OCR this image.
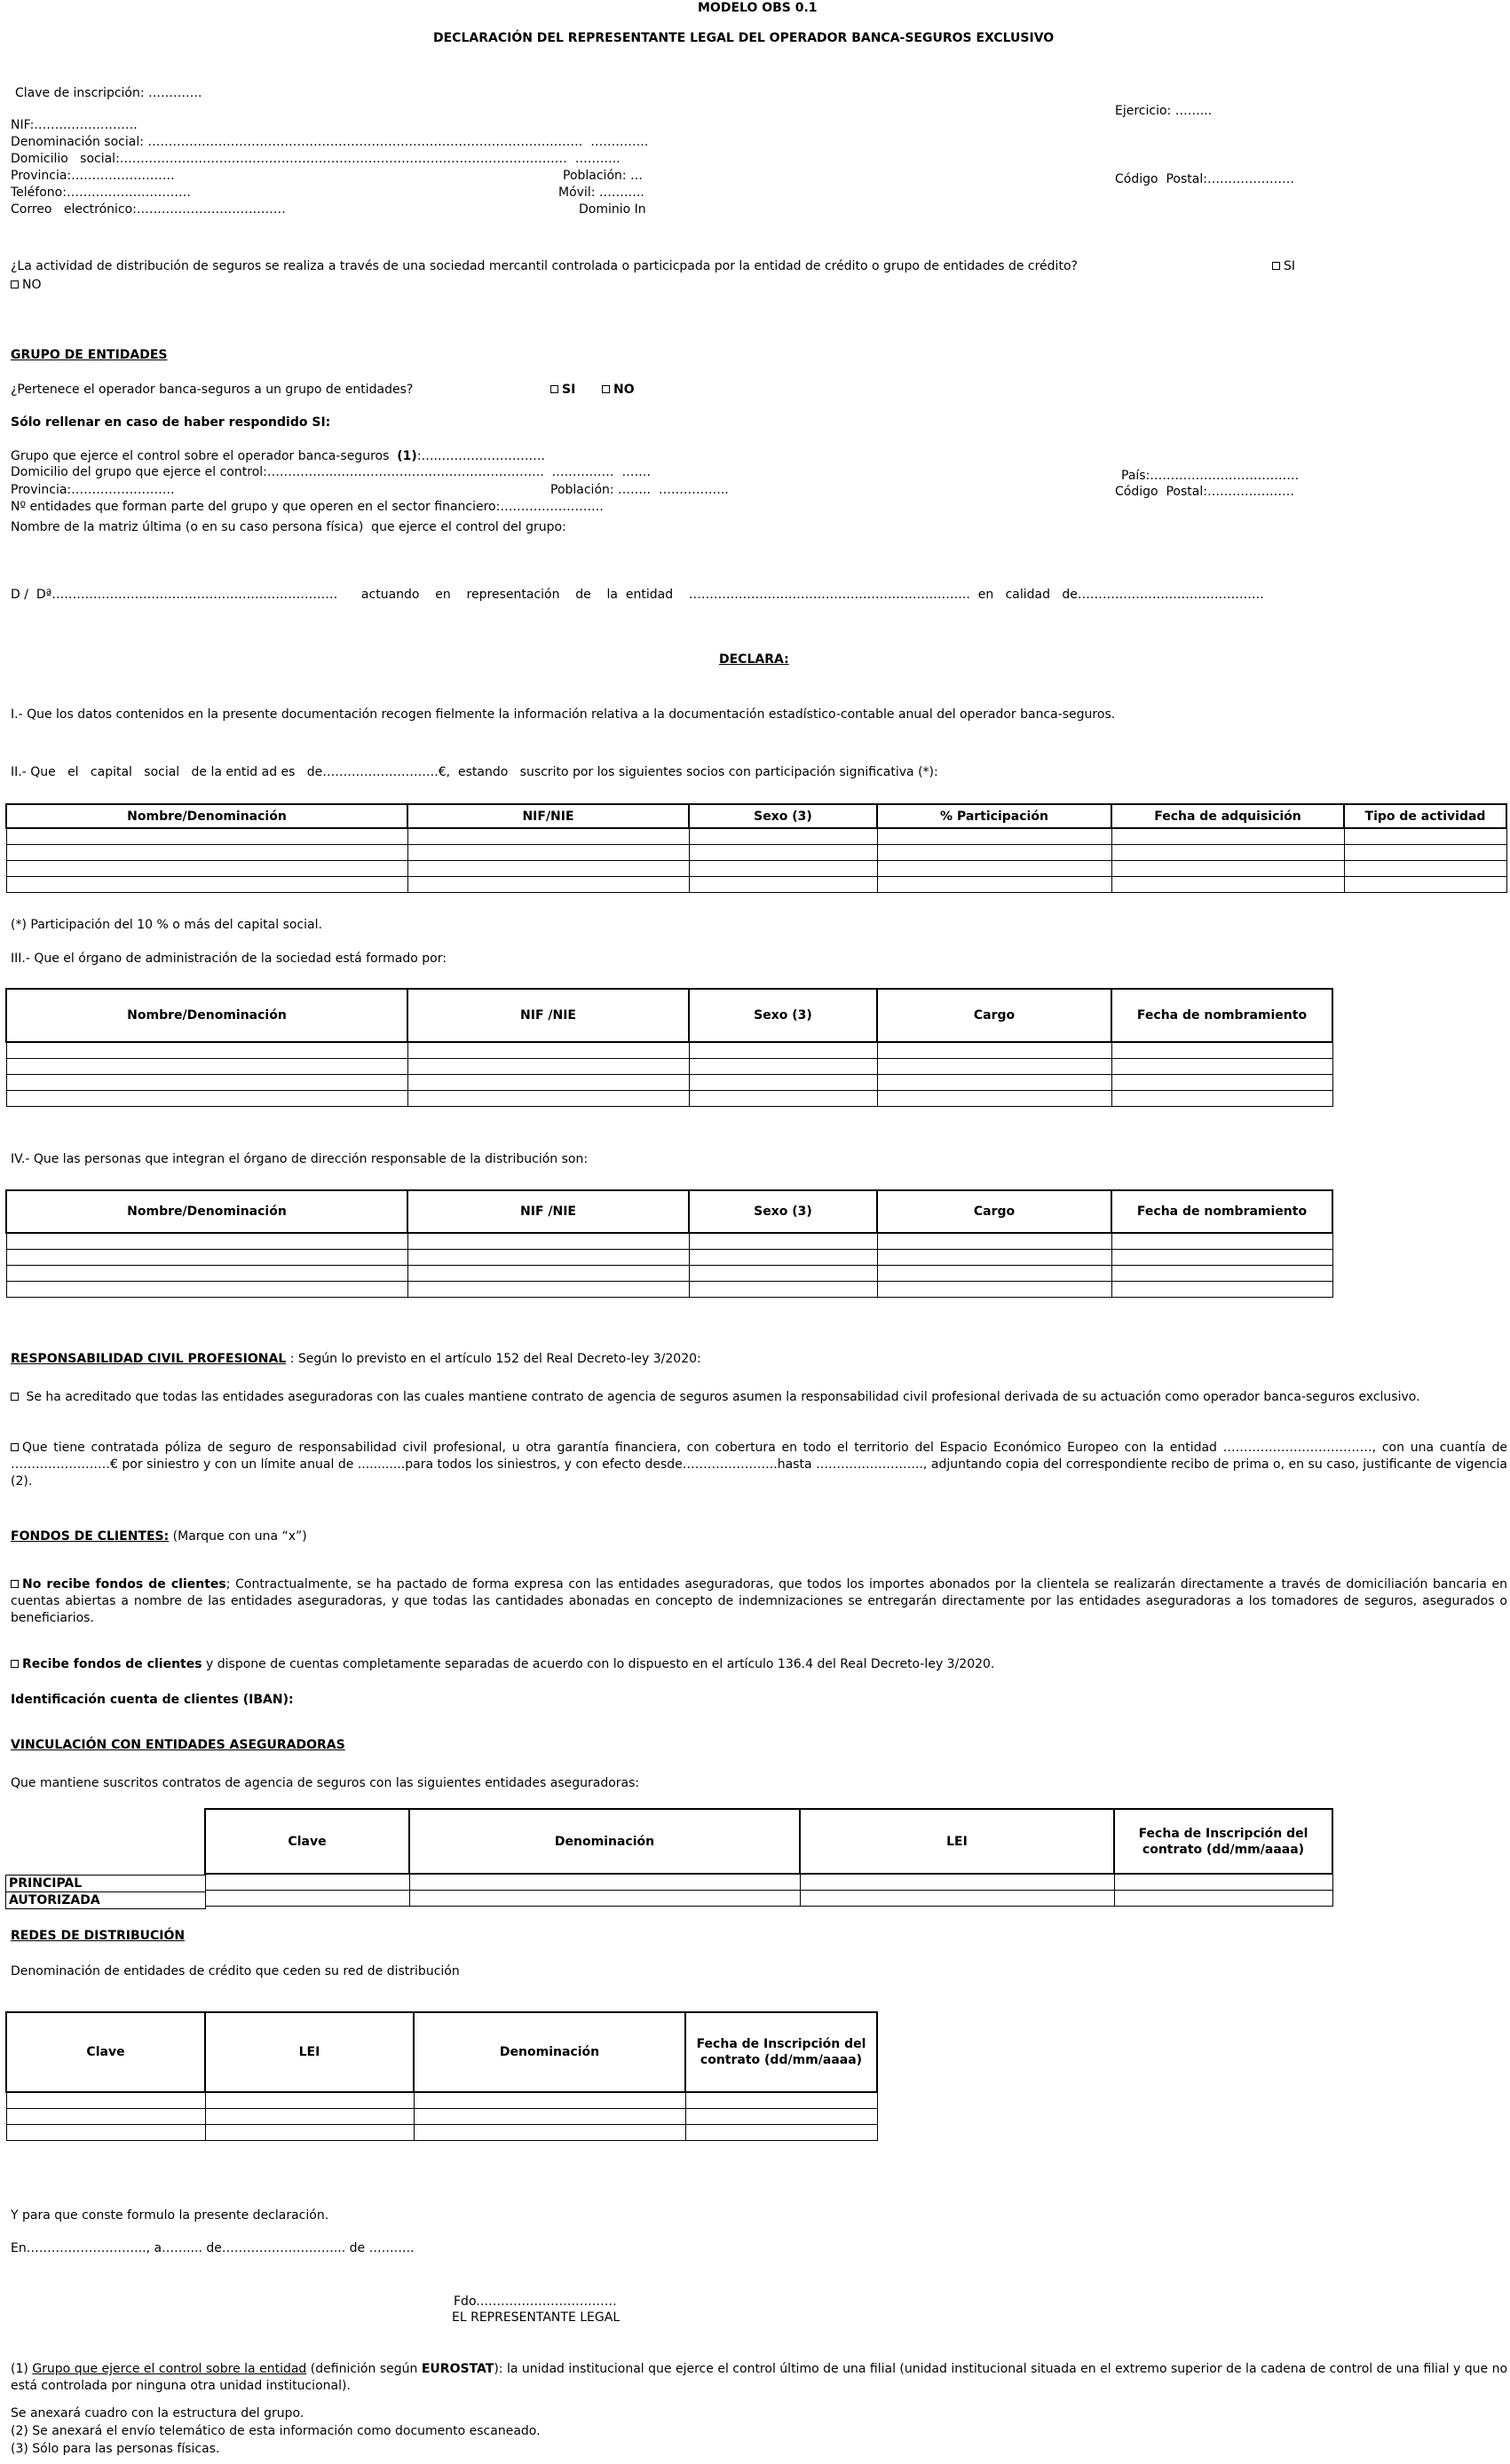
MODELO OBS 0.1
DECLARACIÓN DEL REPRESENTANTE LEGAL DEL OPERADOR BANCA-SEGUROS EXCLUSIVO
Clave de inscripción: ………….
Ejercicio: ……...
NIF:…………………….
Denominación social: ……………………………………………………………………………………………  …………..
Domicilio   social:………………………………………………………………………………………………  ………..
Provincia:…………………….	Población: …	Código  Postal:…………………
Teléfono:…………………………	Móvil: ………..
Correo   electrónico:………………………………	Dominio In
¿La actividad de distribución de seguros se realiza a través de una sociedad mercantil controlada o particicpada por la entidad de crédito o grupo de entidades de crédito?	SI
NO
GRUPO DE ENTIDADES
¿Pertenece el operador banca-seguros a un grupo de entidades?	SI	NO
Sólo rellenar en caso de haber respondido SI:
Grupo que ejerce el control sobre el operador banca-seguros (1):…..…………………….
Domicilio del grupo que ejerce el control:……………..…………………………………………..  ……………  …….	País:………………………………
Provincia:…………………….	Población: ……..  ……………..	Código  Postal:…………………
Nº entidades que forman parte del grupo y que operen en el sector financiero:…………………….
Nombre de la matriz última (o en su caso persona física)  que ejerce el control del grupo:
D /  Dª……………………………………………………………      actuando    en    representación    de    la  entidad    …………………………………………………………..  en   calidad   de………………………………………
DECLARA:
I.- Que los datos contenidos en la presente documentación recogen fielmente la información relativa a la documentación estadístico-contable anual del operador banca-seguros.
II.- Que   el   capital   social   de la entid ad es   de……………………….€,  estando   suscrito por los siguientes socios con participación significativa (*):
Nombre/Denominación	NIF/NIE	Sexo (3)	% Participación	Fecha de adquisición	Tipo de actividad

(*) Participación del 10 % o más del capital social.
III.- Que el órgano de administración de la sociedad está formado por:
Nombre/Denominación	NIF /NIE	Sexo (3)	Cargo	Fecha de nombramiento

IV.- Que las personas que integran el órgano de dirección responsable de la distribución son:
Nombre/Denominación	NIF /NIE	Sexo (3)	Cargo	Fecha de nombramiento

RESPONSABILIDAD CIVIL PROFESIONAL : Según lo previsto en el artículo 152 del Real Decreto-ley 3/2020:
Se ha acreditado que todas las entidades aseguradoras con las cuales mantiene contrato de agencia de seguros asumen la responsabilidad civil profesional derivada de su actuación como operador banca-seguros exclusivo.
Que tiene contratada póliza de seguro de responsabilidad civil profesional, u otra garantía financiera, con cobertura en todo el territorio del Espacio Económico Europeo con la entidad ………………………………, con una cuantía de ……………………€ por siniestro y con un límite anual de ............para todos los siniestros, y con efecto desde…………………..hasta …………………….., adjuntando copia del correspondiente recibo de prima o, en su caso, justificante de vigencia (2).
FONDOS DE CLIENTES: (Marque con una “x”)
No recibe fondos de clientes; Contractualmente, se ha pactado de forma expresa con las entidades aseguradoras, que todos los importes abonados por la clientela se realizarán directamente a través de domiciliación bancaria en cuentas abiertas a nombre de las entidades aseguradoras, y que todas las cantidades abonadas en concepto de indemnizaciones se entregarán directamente por las entidades aseguradoras a los tomadores de seguros, asegurados o beneficiarios.
Recibe fondos de clientes y dispone de cuentas completamente separadas de acuerdo con lo dispuesto en el artículo 136.4 del Real Decreto-ley 3/2020.
Identificación cuenta de clientes (IBAN):
VINCULACIÓN CON ENTIDADES ASEGURADORAS
Que mantiene suscritos contratos de agencia de seguros con las siguientes entidades aseguradoras:
Clave	Denominación	LEI	Fecha de Inscripción del contrato (dd/mm/aaaa)

PRINCIPAL
AUTORIZADA
REDES DE DISTRIBUCIÓN
Denominación de entidades de crédito que ceden su red de distribución
Clave	LEI	Denominación	Fecha de Inscripción del contrato (dd/mm/aaaa)

Y para que conste formulo la presente declaración.
En……………………….., a…….... de………………………... de ………..
Fdo.……………………………
EL REPRESENTANTE LEGAL
(1) Grupo que ejerce el control sobre la entidad (definición según EUROSTAT): la unidad institucional que ejerce el control último de una filial (unidad institucional situada en el extremo superior de la cadena de control de una filial y que no está controlada por ninguna otra unidad institucional).
Se anexará cuadro con la estructura del grupo.
(2) Se anexará el envío telemático de esta información como documento escaneado.
(3) Sólo para las personas físicas.
